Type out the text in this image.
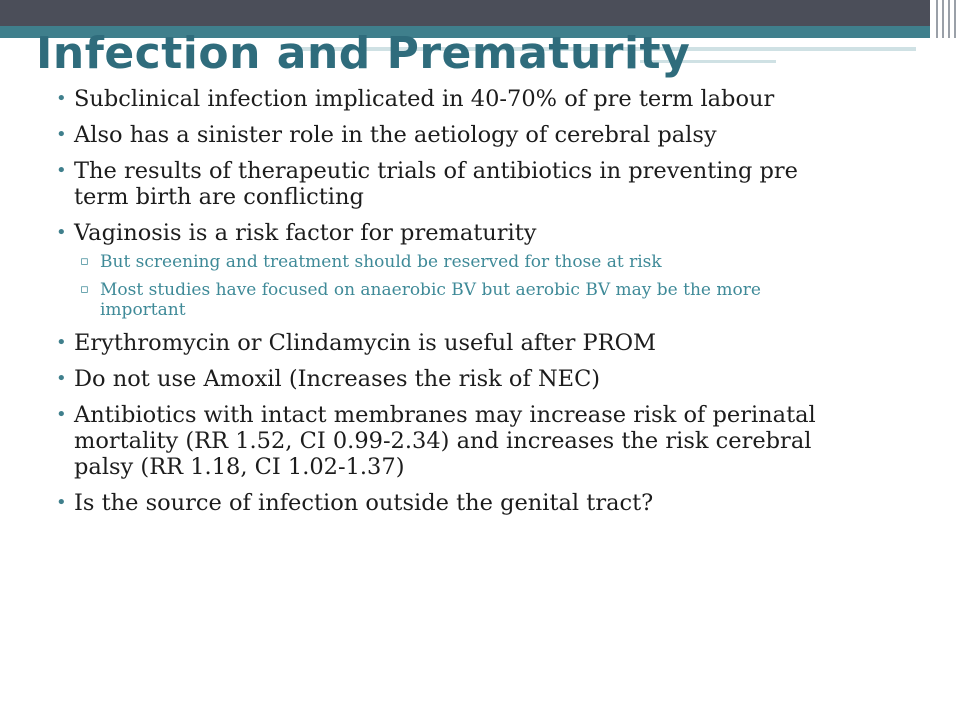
Infection and Prematurity
• Subclinical infection implicated in 40-70% of pre term labour
• Also has a sinister role in the aetiology of cerebral palsy
• The results of therapeutic trials of antibiotics in preventing pre term birth are conflicting
• Vaginosis is a risk factor for prematurity
▫ But screening and treatment should be reserved for those at risk
▫ Most studies have focused on anaerobic BV but aerobic BV may be the more important
• Erythromycin or Clindamycin is useful after PROM
• Do not use Amoxil (Increases the risk of NEC)
• Antibiotics with intact membranes may increase risk of perinatal mortality (RR 1.52, CI 0.99-2.34) and increases the risk cerebral palsy (RR 1.18, CI 1.02-1.37)
• Is the source of infection outside the genital tract?
